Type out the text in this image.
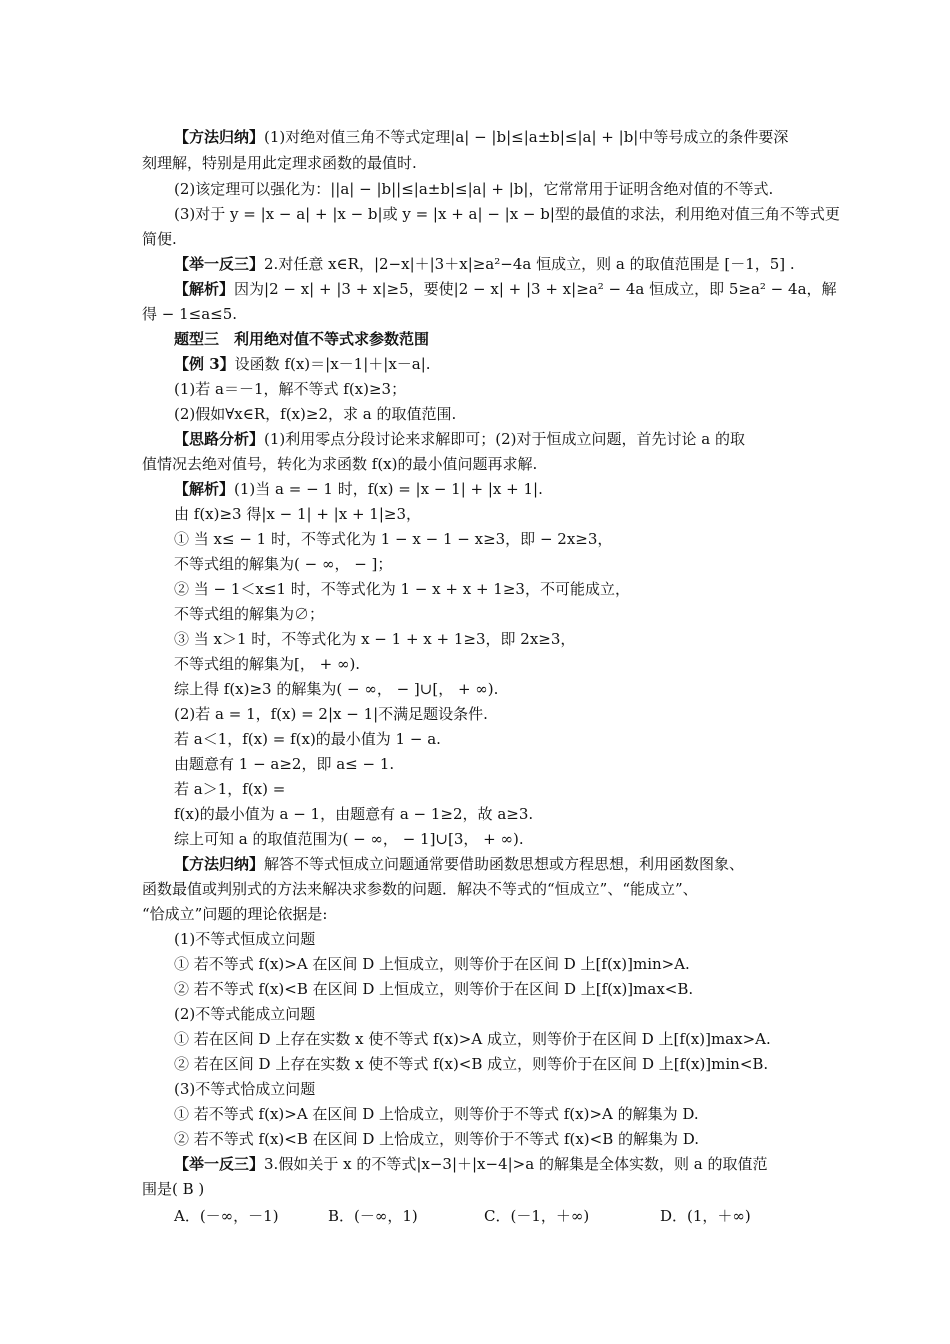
【方法归纳】(1)对绝对值三角不等式定理|a| − |b|≤|a±b|≤|a| + |b|中等号成立的条件要深
刻理解，特别是用此定理求函数的最值时.
(2)该定理可以强化为：||a| − |b||≤|a±b|≤|a| + |b|，它常常用于证明含绝对值的不等式.
(3)对于 y = |x − a| + |x − b|或 y = |x + a| − |x − b|型的最值的求法，利用绝对值三角不等式更
简便.
【举一反三】2.对任意 x∈R，|2−x|＋|3＋x|≥a²−4a 恒成立，则 a 的取值范围是 [－1，5] .
【解析】因为|2 − x| + |3 + x|≥5，要使|2 − x| + |3 + x|≥a² − 4a 恒成立，即 5≥a² − 4a，解
得 − 1≤a≤5.
题型三　利用绝对值不等式求参数范围
【例 3】设函数 f(x)＝|x－1|＋|x－a|.
(1)若 a＝－1，解不等式 f(x)≥3；
(2)假如∀x∈R，f(x)≥2，求 a 的取值范围.
【思路分析】(1)利用零点分段讨论来求解即可；(2)对于恒成立问题，首先讨论 a 的取
值情况去绝对值号，转化为求函数 f(x)的最小值问题再求解.
【解析】(1)当 a = − 1 时，f(x) = |x − 1| + |x + 1|.
由 f(x)≥3 得|x − 1| + |x + 1|≥3，
① 当 x≤ − 1 时，不等式化为 1 − x − 1 − x≥3，即 − 2x≥3，
不等式组的解集为( − ∞， − ]；
② 当 − 1＜x≤1 时，不等式化为 1 − x + x + 1≥3，不可能成立，
不等式组的解集为∅；
③ 当 x＞1 时，不等式化为 x − 1 + x + 1≥3，即 2x≥3，
不等式组的解集为[， + ∞).
综上得 f(x)≥3 的解集为( − ∞， − ]∪[， + ∞).
(2)若 a = 1，f(x) = 2|x − 1|不满足题设条件.
若 a＜1，f(x) = f(x)的最小值为 1 − a.
由题意有 1 − a≥2，即 a≤ − 1.
若 a＞1，f(x) =
f(x)的最小值为 a − 1，由题意有 a − 1≥2，故 a≥3.
综上可知 a 的取值范围为( − ∞， − 1]∪[3， + ∞).
【方法归纳】解答不等式恒成立问题通常要借助函数思想或方程思想，利用函数图象、
函数最值或判别式的方法来解决求参数的问题．解决不等式的“恒成立”、“能成立”、
“恰成立”问题的理论依据是:
(1)不等式恒成立问题
① 若不等式 f(x)>A 在区间 D 上恒成立，则等价于在区间 D 上[f(x)]min>A.
② 若不等式 f(x)<B 在区间 D 上恒成立，则等价于在区间 D 上[f(x)]max<B.
(2)不等式能成立问题
① 若在区间 D 上存在实数 x 使不等式 f(x)>A 成立，则等价于在区间 D 上[f(x)]max>A.
② 若在区间 D 上存在实数 x 使不等式 f(x)<B 成立，则等价于在区间 D 上[f(x)]min<B.
(3)不等式恰成立问题
① 若不等式 f(x)>A 在区间 D 上恰成立，则等价于不等式 f(x)>A 的解集为 D.
② 若不等式 f(x)<B 在区间 D 上恰成立，则等价于不等式 f(x)<B 的解集为 D.
【举一反三】3.假如关于 x 的不等式|x−3|＋|x−4|>a 的解集是全体实数，则 a 的取值范
围是( B )
A．(－∞，－1)	B．(－∞，1)	C．(－1，＋∞)	D．(1，＋∞)
